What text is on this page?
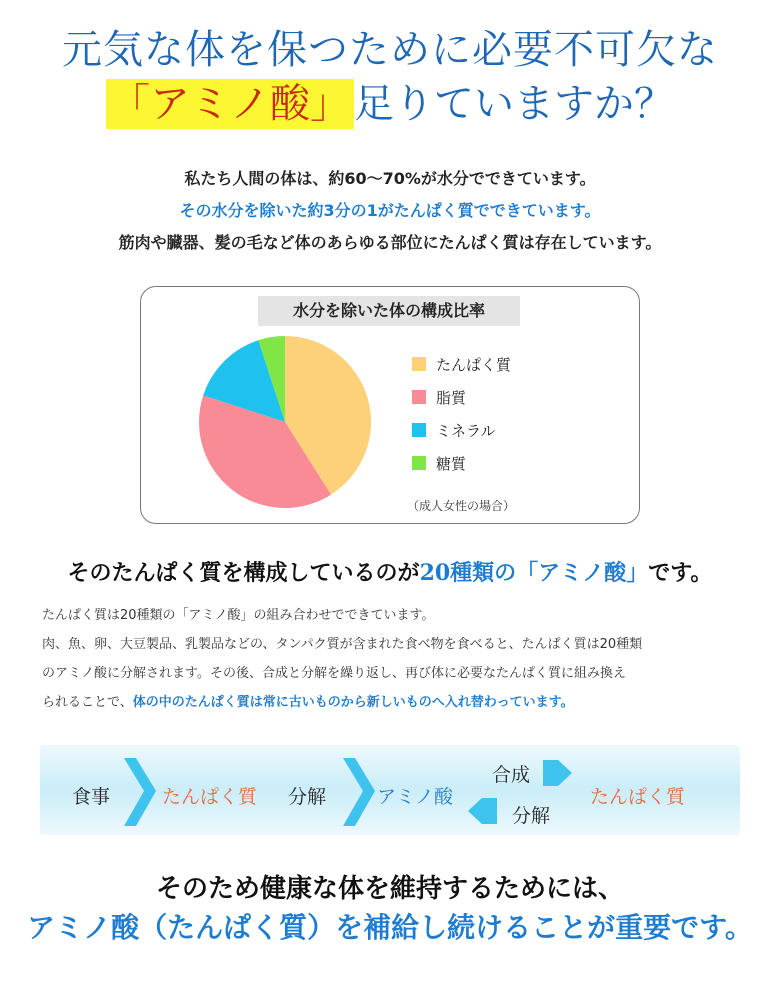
元気な体を保つために必要不可欠な
「アミノ酸」 足りていますか？
私たち人間の体は、約60〜70%が水分でできています。
その水分を除いた約3分の1がたんぱく質でできています。
筋肉や臓器、髪の毛など体のあらゆる部位にたんぱく質は存在しています。
水分を除いた体の構成比率
たんぱく質
脂質
ミネラル
糖質
（成人女性の場合）
そのたんぱく質を構成しているのが20種類の「アミノ酸」です。
たんぱく質は20種類の「アミノ酸」の組み合わせでできています。
肉、魚、卵、大豆製品、乳製品などの、タンパク質が含まれた食べ物を食べると、たんぱく質は20種類
のアミノ酸に分解されます。その後、合成と分解を繰り返し、再び体に必要なたんぱく質に組み換え
られることで、体の中のたんぱく質は常に古いものから新しいものへ入れ替わっています。
食事	たんぱく質 分解	アミノ酸
合成
分解
たんぱく質
そのため健康な体を維持するためには、
アミノ酸（たんぱく質）を補給し続けることが重要です。
